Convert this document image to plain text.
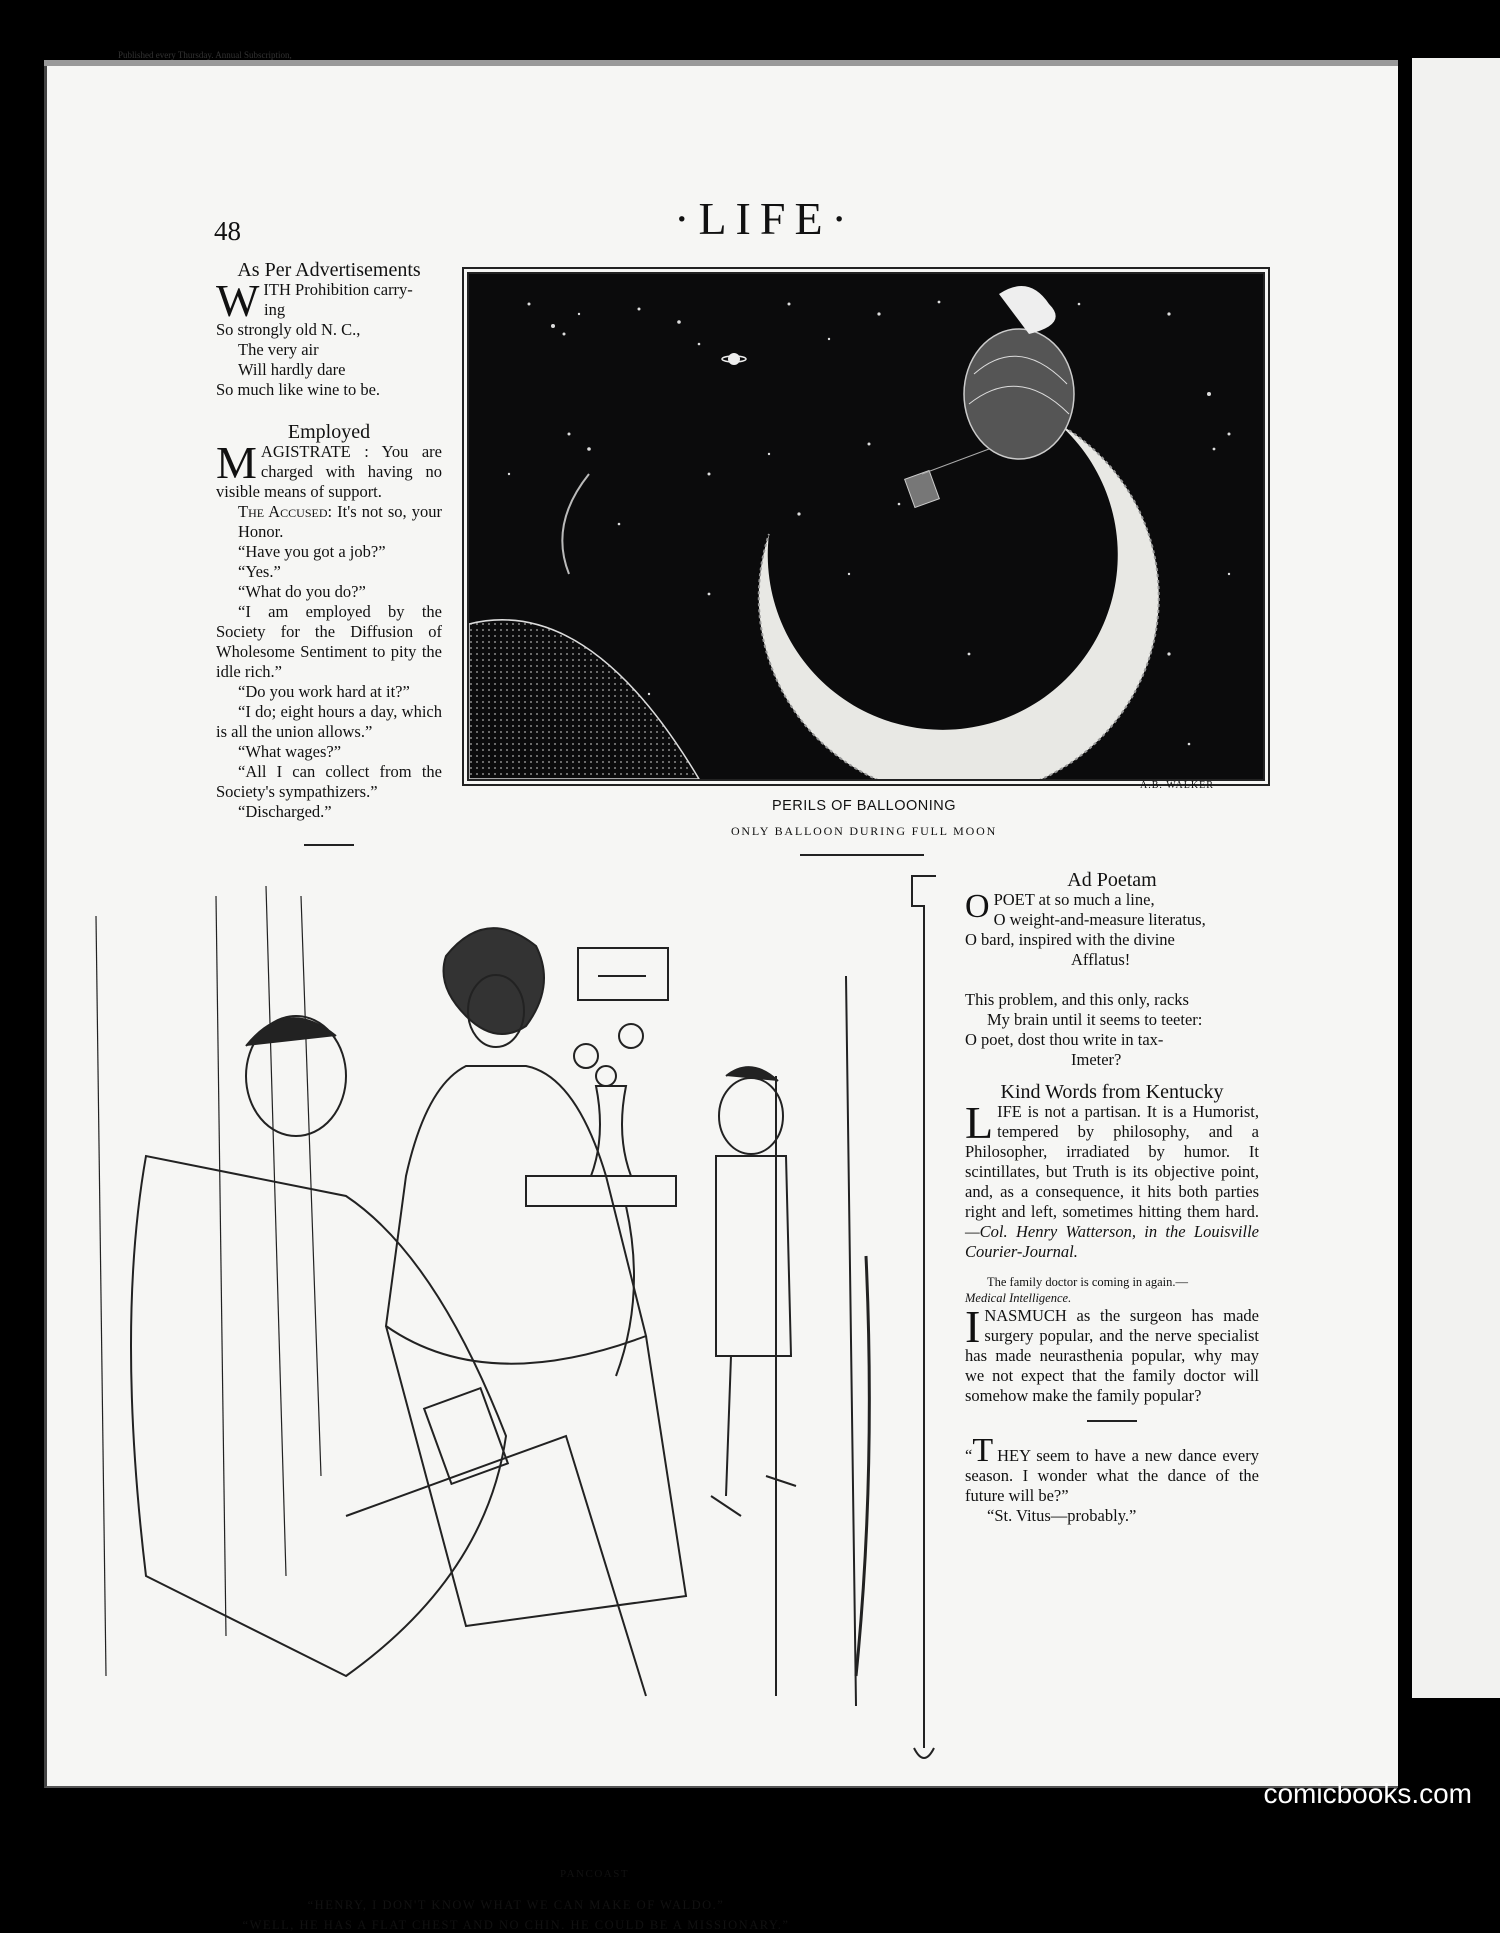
Published every Thursday. Annual Subscription,
48	·LIFE·

As Per Advertisements

W ITH Prohibition carry-

ing

So strongly old N. C.,

The very air

Will hardly dare

So much like wine to be.

Employed

MAGISTRATE : You are charged with having no visible means of support.

The Accused: It's not so, your Honor.

“Have you got a job?”

“Yes.”

“What do you do?”

“I am employed by the Society for the Diffusion of Wholesome Sentiment to pity the idle rich.”

“Do you work hard at it?”

“I do; eight hours a day, which is all the union allows.”

“What wages?”

“All I can collect from the Society's sympathizers.”

“Discharged.”

A.B. WALKER
PERILS OF BALLOONING
ONLY BALLOON DURING FULL MOON
PANCOAST
“HENRY, I DON'T KNOW WHAT WE CAN MAKE OF WALDO.”
“WELL, HE HAS A FLAT CHEST AND NO CHIN. HE COULD BE A MISSIONARY.”

Ad Poetam

O POET at so much a line,

O weight-and-measure literatus,

O bard, inspired with the divine

Afflatus!

This problem, and this only, racks

My brain until it seems to teeter:

O poet, dost thou write in tax-

Imeter?

Kind Words from Kentucky

LIFE is not a partisan. It is a Humorist, tempered by philosophy, and a Philosopher, irradiated by humor. It scintillates, but Truth is its objective point, and, as a consequence, it hits both parties right and left, sometimes hitting them hard.—Col. Henry Watterson, in the Louisville Courier-Journal.

The family doctor is coming in again.—

Medical Intelligence.

INASMUCH as the surgeon has made surgery popular, and the nerve specialist has made neurasthenia popular, why may we not expect that the family doctor will somehow make the family popular?

“T HEY seem to have a new dance every season. I wonder what the dance of the future will be?”

“St. Vitus—probably.”

comicbooks.com
